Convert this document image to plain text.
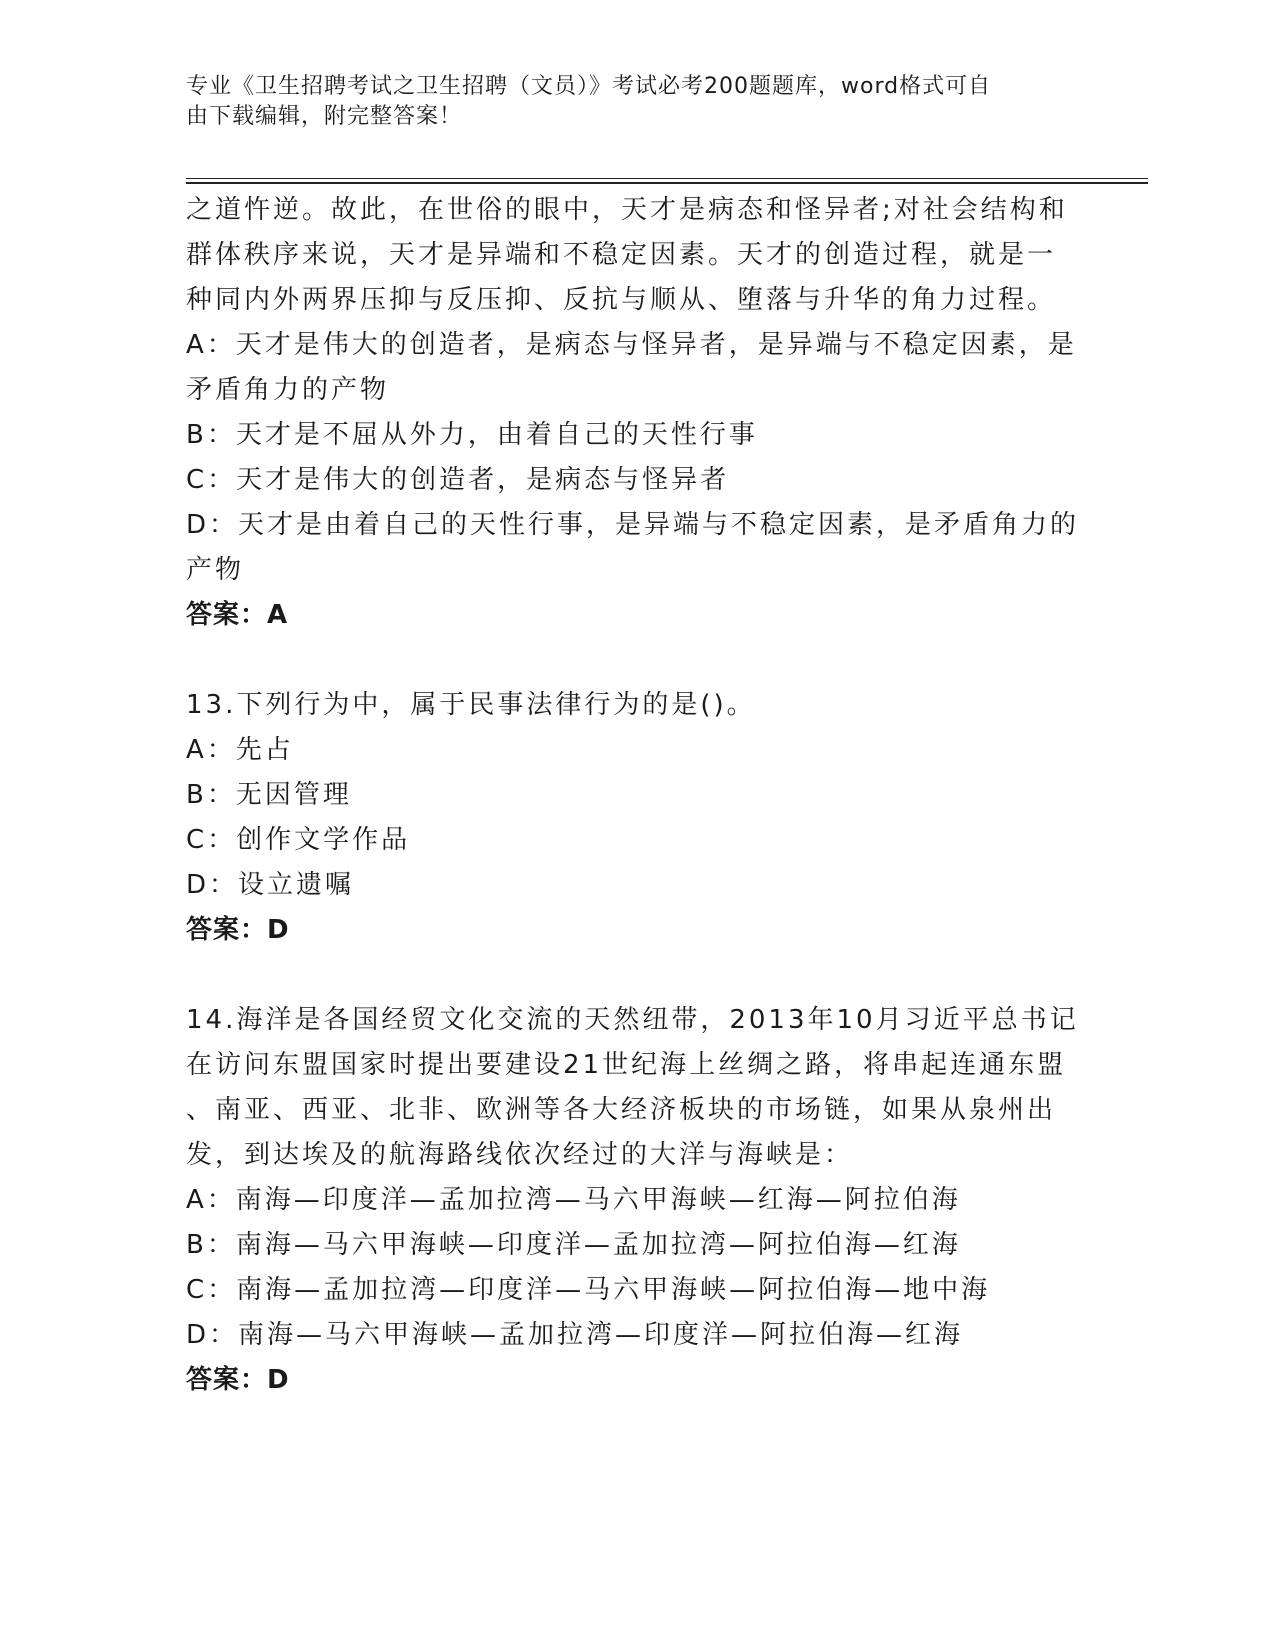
专业《卫生招聘考试之卫生招聘（文员）》考试必考200题题库，word格式可自
由下载编辑，附完整答案！
之道忤逆。故此，在世俗的眼中，天才是病态和怪异者;对社会结构和
群体秩序来说，天才是异端和不稳定因素。天才的创造过程，就是一
种同内外两界压抑与反压抑、反抗与顺从、堕落与升华的角力过程。
A：天才是伟大的创造者，是病态与怪异者，是异端与不稳定因素，是
矛盾角力的产物
B：天才是不屈从外力，由着自己的天性行事
C：天才是伟大的创造者，是病态与怪异者
D：天才是由着自己的天性行事，是异端与不稳定因素，是矛盾角力的
产物
答案：A
13.下列行为中，属于民事法律行为的是()。
A：先占
B：无因管理
C：创作文学作品
D：设立遗嘱
答案：D
14.海洋是各国经贸文化交流的天然纽带，2013年10月习近平总书记
在访问东盟国家时提出要建设21世纪海上丝绸之路，将串起连通东盟
、南亚、西亚、北非、欧洲等各大经济板块的市场链，如果从泉州出
发，到达埃及的航海路线依次经过的大洋与海峡是：
A：南海—印度洋—孟加拉湾—马六甲海峡—红海—阿拉伯海
B：南海—马六甲海峡—印度洋—孟加拉湾—阿拉伯海—红海
C：南海—孟加拉湾—印度洋—马六甲海峡—阿拉伯海—地中海
D：南海—马六甲海峡—孟加拉湾—印度洋—阿拉伯海—红海
答案：D
